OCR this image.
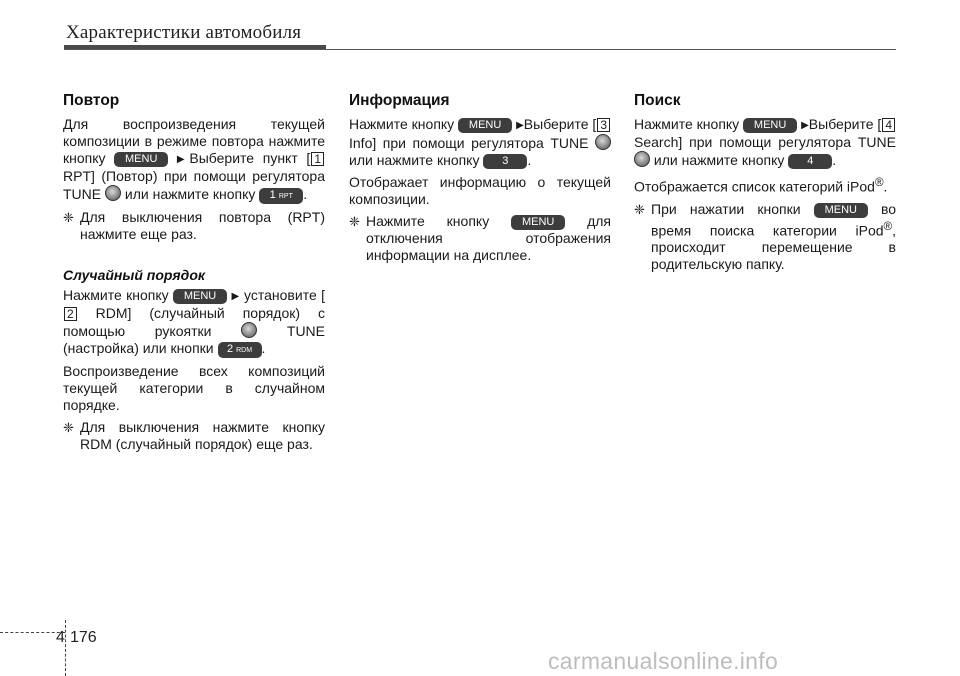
Характеристики автомобиля
Повтор

Для воспроизведения текущей композиции в режиме повтора нажмите кнопку MENU ▶Выберите пункт [ 1 RPT] (Повтор) при помощи регулятора TUNE или нажмите кнопку 1 RPT .

❈ Для выключения повтора (RPT) нажмите еще раз.
Случайный порядок

Нажмите кнопку MENU ▶ установите [2 RDM] (случайный порядок) с помощью рукоятки	TUNE (настройка) или кнопки 2 RDM .

Воспроизведение всех композиций текущей категории в случайном порядке.

❈ Для выключения нажмите кнопку RDM (случайный порядок) еще раз.
Информация

Нажмите кнопку MENU ▶Выберите [ 3Info] при помощи регулятора TUNE  или нажмите кнопку 3 .

Отображает информацию о текущей композиции.

❈ Нажмите кнопку	MENU для отключения отображения информации на дисплее.
Поиск

Нажмите кнопку MENU ▶Выберите [ 4Search] при помощи регулятора TUNE  или нажмите кнопку 4 .

Отображается список категорий iPod®.

❈ При нажатии кнопки MENU во время поиска категории iPod®, происходит перемещение в родительскую папку.
4 176
carmanualsonline.info
